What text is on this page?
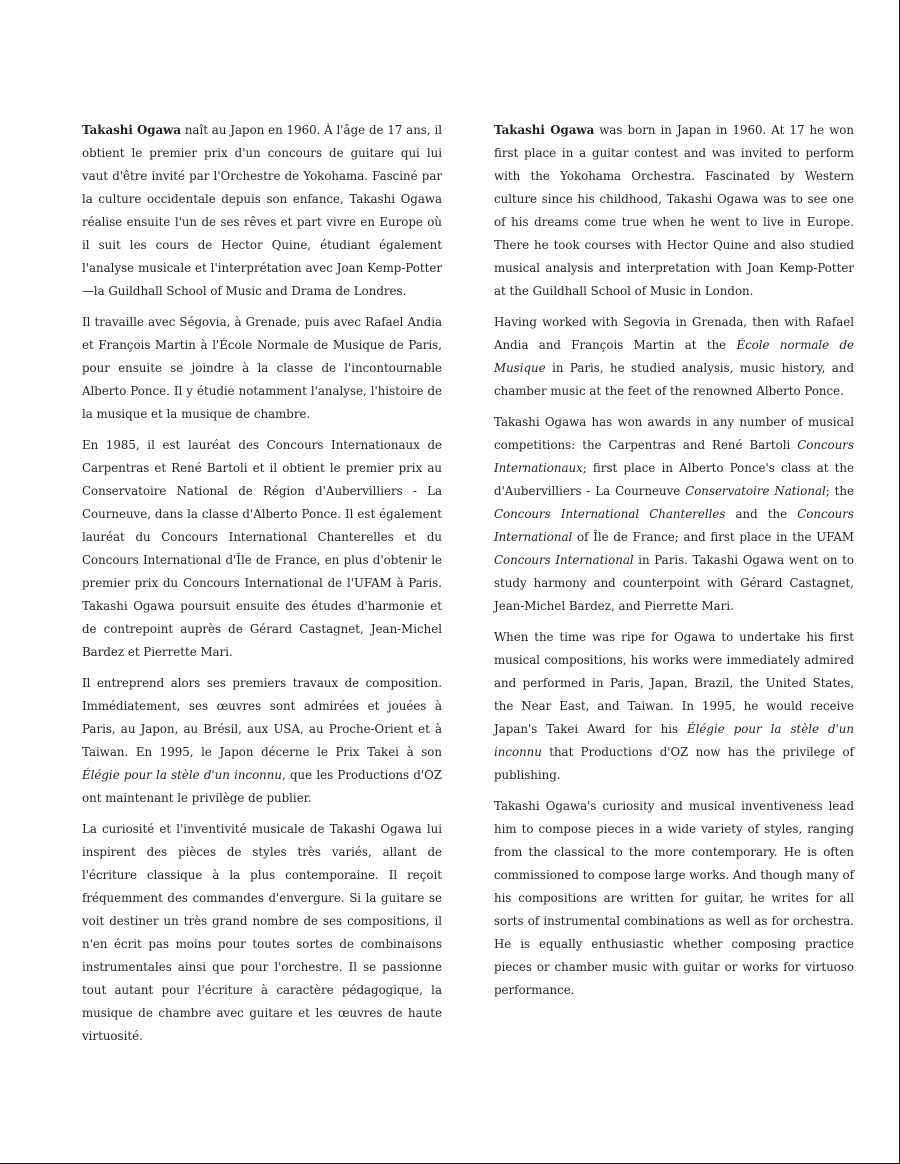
Takashi Ogawa naît au Japon en 1960. À l'âge de 17 ans, il obtient le premier prix d'un concours de guitare qui lui vaut d'être invité par l'Orchestre de Yokohama. Fasciné par la culture occidentale depuis son enfance, Takashi Ogawa réalise ensuite l'un de ses rêves et part vivre en Europe où il suit les cours de Hector Quine, étudiant également l'analyse musicale et l'interprétation avec Joan Kemp-Potter—la Guildhall School of Music and Drama de Londres.

Il travaille avec Ségovia, à Grenade, puis avec Rafael Andia et François Martin à l'École Normale de Musique de Paris, pour ensuite se joindre à la classe de l'incontournable Alberto Ponce. Il y étudie notamment l'analyse, l'histoire de la musique et la musique de chambre.

En 1985, il est lauréat des Concours Internationaux de Carpentras et René Bartoli et il obtient le premier prix au Conservatoire National de Région d'Aubervilliers - La Courneuve, dans la classe d'Alberto Ponce. Il est également lauréat du Concours International Chanterelles et du Concours International d'Île de France, en plus d'obtenir le premier prix du Concours International de l'UFAM à Paris. Takashi Ogawa poursuit ensuite des études d'harmonie et de contrepoint auprès de Gérard Castagnet, Jean-Michel Bardez et Pierrette Mari.

Il entreprend alors ses premiers travaux de composition. Immédiatement, ses œuvres sont admirées et jouées à Paris, au Japon, au Brésil, aux USA, au Proche-Orient et à Taiwan. En 1995, le Japon décerne le Prix Takei à son Élégie pour la stèle d'un inconnu, que les Productions d'OZ ont maintenant le privilège de publier.

La curiosité et l'inventivité musicale de Takashi Ogawa lui inspirent des pièces de styles très variés, allant de l'écriture classique à la plus contemporaine. Il reçoit fréquemment des commandes d'envergure. Si la guitare se voit destiner un très grand nombre de ses compositions, il n'en écrit pas moins pour toutes sortes de combinaisons instrumentales ainsi que pour l'orchestre. Il se passionne tout autant pour l'écriture à caractère pédagogique, la musique de chambre avec guitare et les œuvres de haute virtuosité.

Takashi Ogawa was born in Japan in 1960. At 17 he won first place in a guitar contest and was invited to perform with the Yokohama Orchestra. Fascinated by Western culture since his childhood, Takashi Ogawa was to see one of his dreams come true when he went to live in Europe. There he took courses with Hector Quine and also studied musical analysis and interpretation with Joan Kemp-Potter at the Guildhall School of Music in London.

Having worked with Segovia in Grenada, then with Rafael Andia and François Martin at the École normale de Musique in Paris, he studied analysis, music history, and chamber music at the feet of the renowned Alberto Ponce.

Takashi Ogawa has won awards in any number of musical competitions: the Carpentras and René Bartoli Concours Internationaux; first place in Alberto Ponce's class at the d'Aubervilliers - La Courneuve Conservatoire National; the Concours International Chanterelles and the Concours International of Île de France; and first place in the UFAM Concours International in Paris. Takashi Ogawa went on to study harmony and counterpoint with Gérard Castagnet, Jean-Michel Bardez, and Pierrette Mari.

When the time was ripe for Ogawa to undertake his first musical compositions, his works were immediately admired and performed in Paris, Japan, Brazil, the United States, the Near East, and Taiwan. In 1995, he would receive Japan's Takei Award for his Élégie pour la stèle d'un inconnu that Productions d'OZ now has the privilege of publishing.

Takashi Ogawa's curiosity and musical inventiveness lead him to compose pieces in a wide variety of styles, ranging from the classical to the more contemporary. He is often commissioned to compose large works. And though many of his compositions are written for guitar, he writes for all sorts of instrumental combinations as well as for orchestra. He is equally enthusiastic whether composing practice pieces or chamber music with guitar or works for virtuoso performance.
